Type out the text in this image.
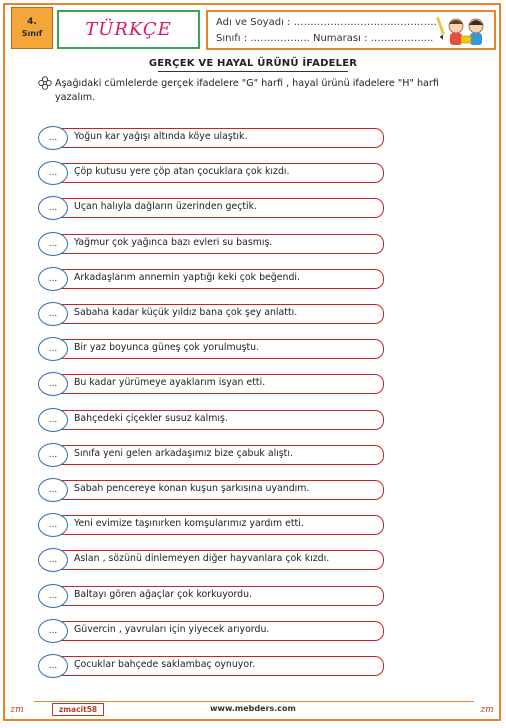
4.
Sınıf TÜRKÇE	Adı ve Soyadı : …………………………………….
Sınıfı : ……………... Numarası : ……………....
GERÇEK VE HAYAL ÜRÜNÜ İFADELER
Aşağıdaki cümlelerde gerçek ifadelere "G" harfi , hayal ürünü ifadelere "H" harfi yazalım.
...	Yoğun kar yağışı altında köye ulaştık.
...	Çöp kutusu yere çöp atan çocuklara çok kızdı.
...	Uçan halıyla dağların üzerinden geçtik.
...	Yağmur çok yağınca bazı evleri su basmış.
...	Arkadaşlarım annemin yaptığı keki çok beğendi.
...	Sabaha kadar küçük yıldız bana çok şey anlattı.
...	Bir yaz boyunca güneş çok yorulmuştu.
...	Bu kadar yürümeye ayaklarım isyan etti.
...	Bahçedeki çiçekler susuz kalmış.
...	Sınıfa yeni gelen arkadaşımız bize çabuk alıştı.
...	Sabah pencereye konan kuşun şarkısına uyandım.
...	Yeni evimize taşınırken komşularımız yardım etti.
...	Aslan , sözünü dinlemeyen diğer hayvanlara çok kızdı.
...	Baltayı gören ağaçlar çok korkuyordu.
...	Güvercin , yavruları için yiyecek arıyordu.
...	Çocuklar bahçede saklambaç oynuyor.
zm	zmacit58	www.mebders.com	zm
